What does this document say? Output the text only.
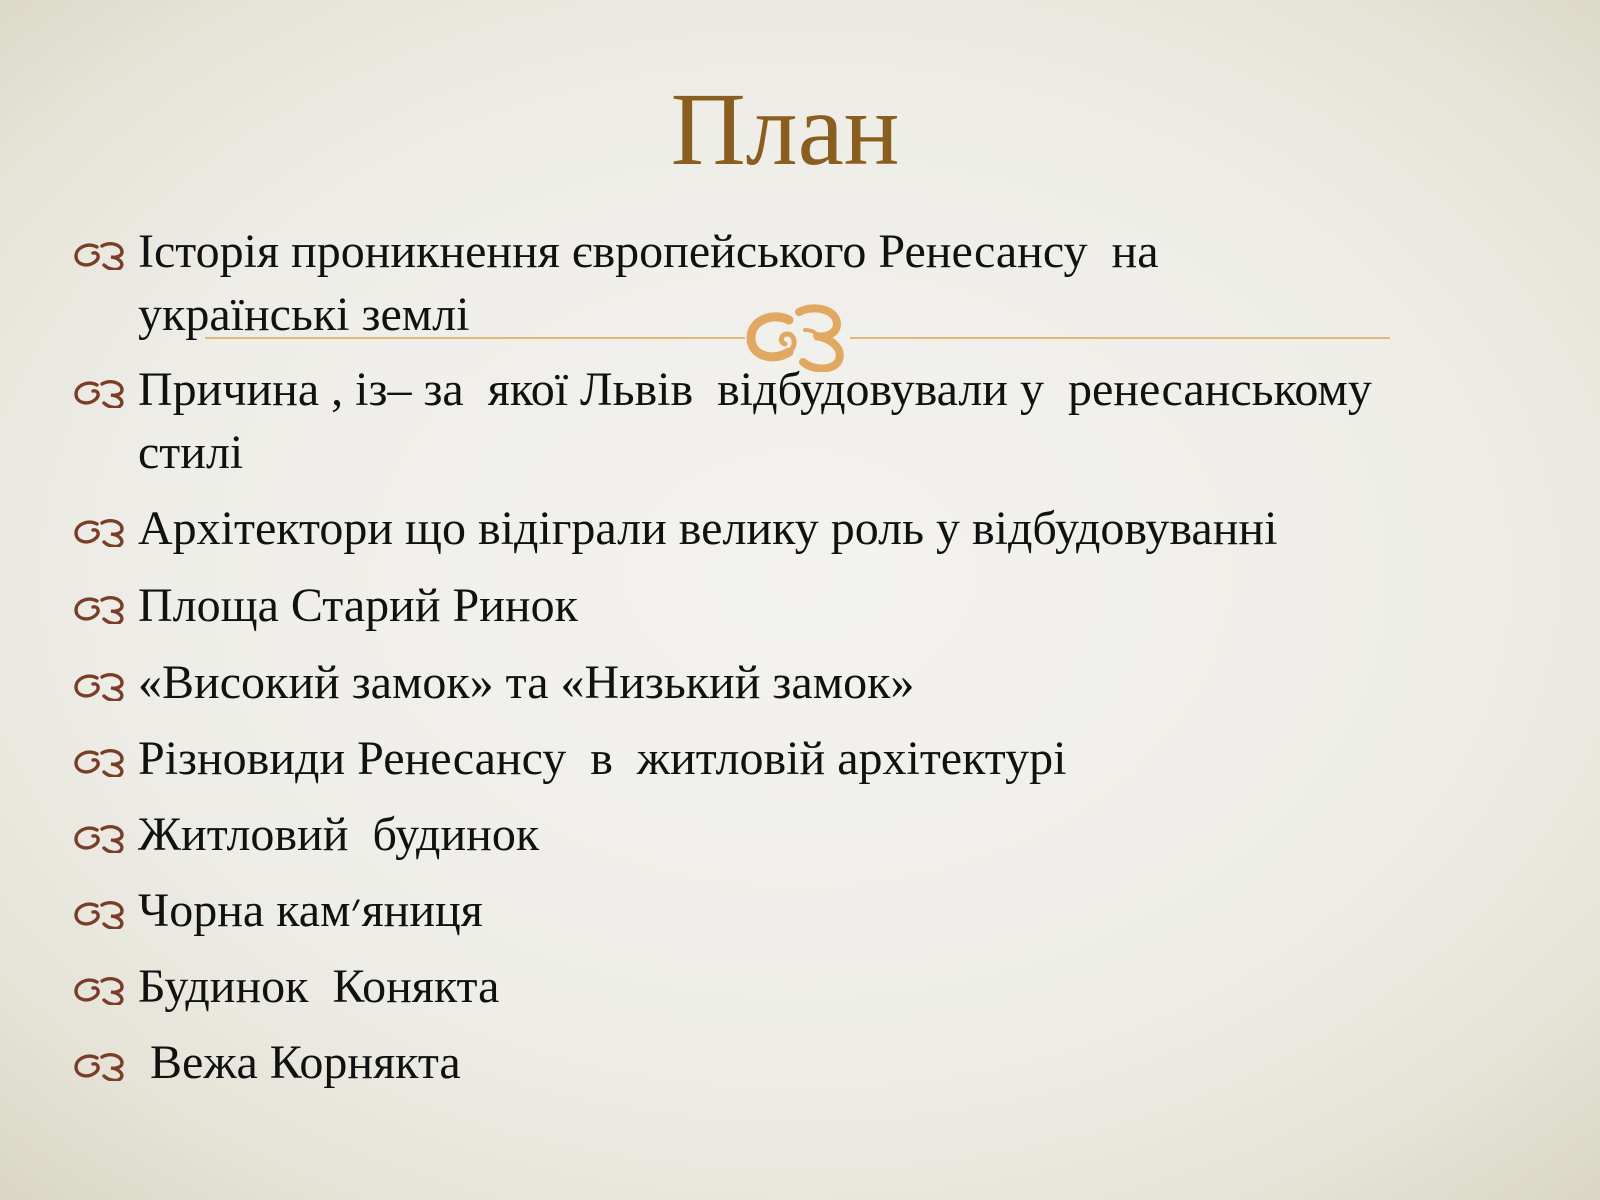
План
Історія проникнення європейського Ренесансу  на
українські землі
Причина , із– за  якої Львів  відбудовували у  ренесанському
стилі
Архітектори що відіграли велику роль у відбудовуванні
Площа Старий Ринок
«Високий замок» та «Низький замок»
Різновиди Ренесансу  в  житловій архітектурі
Житловий  будинок
Чорна кам׳яниця
Будинок  Конякта
Вежа Корнякта
